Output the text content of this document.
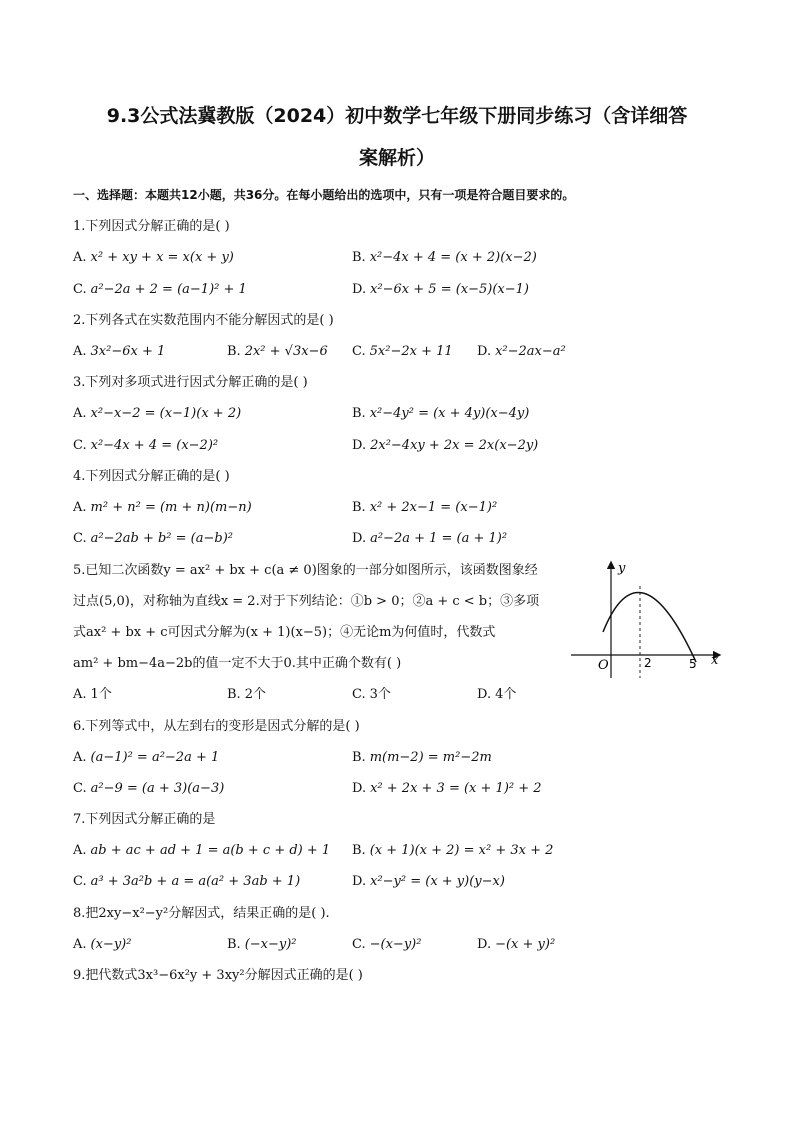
9.3公式法冀教版（2024）初中数学七年级下册同步练习（含详细答
案解析）
一、选择题：本题共12小题，共36分。在每小题给出的选项中，只有一项是符合题目要求的。
1.下列因式分解正确的是( )
A. x² + xy + x = x(x + y)	B. x²−4x + 4 = (x + 2)(x−2)
C. a²−2a + 2 = (a−1)² + 1	D. x²−6x + 5 = (x−5)(x−1)
2.下列各式在实数范围内不能分解因式的是( )
A. 3x²−6x + 1	B. 2x² + √3x−6 C. 5x²−2x + 11 D. x²−2ax−a²
3.下列对多项式进行因式分解正确的是( )
A. x²−x−2 = (x−1)(x + 2)	B. x²−4y² = (x + 4y)(x−4y)
C. x²−4x + 4 = (x−2)²	D. 2x²−4xy + 2x = 2x(x−2y)
4.下列因式分解正确的是( )
A. m² + n² = (m + n)(m−n)	B. x² + 2x−1 = (x−1)²
C. a²−2ab + b² = (a−b)²	D. a²−2a + 1 = (a + 1)²
5.已知二次函数y = ax² + bx + c(a ≠ 0)图象的一部分如图所示，该函数图象经
过点(5,0)，对称轴为直线x = 2.对于下列结论：①b > 0；②a + c < b；③多项
式ax² + bx + c可因式分解为(x + 1)(x−5)；④无论m为何值时，代数式
am² + bm−4a−2b的值一定不大于0.其中正确个数有( )
A. 1个	B. 2个	C. 3个	D. 4个
y
x
O	2	5
6.下列等式中，从左到右的变形是因式分解的是( )
A. (a−1)² = a²−2a + 1	B. m(m−2) = m²−2m
C. a²−9 = (a + 3)(a−3)	D. x² + 2x + 3 = (x + 1)² + 2
7.下列因式分解正确的是
A. ab + ac + ad + 1 = a(b + c + d) + 1 B. (x + 1)(x + 2) = x² + 3x + 2
C. a³ + 3a²b + a = a(a² + 3ab + 1)	D. x²−y² = (x + y)(y−x)
8.把2xy−x²−y²分解因式，结果正确的是( ).
A. (x−y)²	B. (−x−y)²	C. −(x−y)²	D. −(x + y)²
9.把代数式3x³−6x²y + 3xy²分解因式正确的是( )
